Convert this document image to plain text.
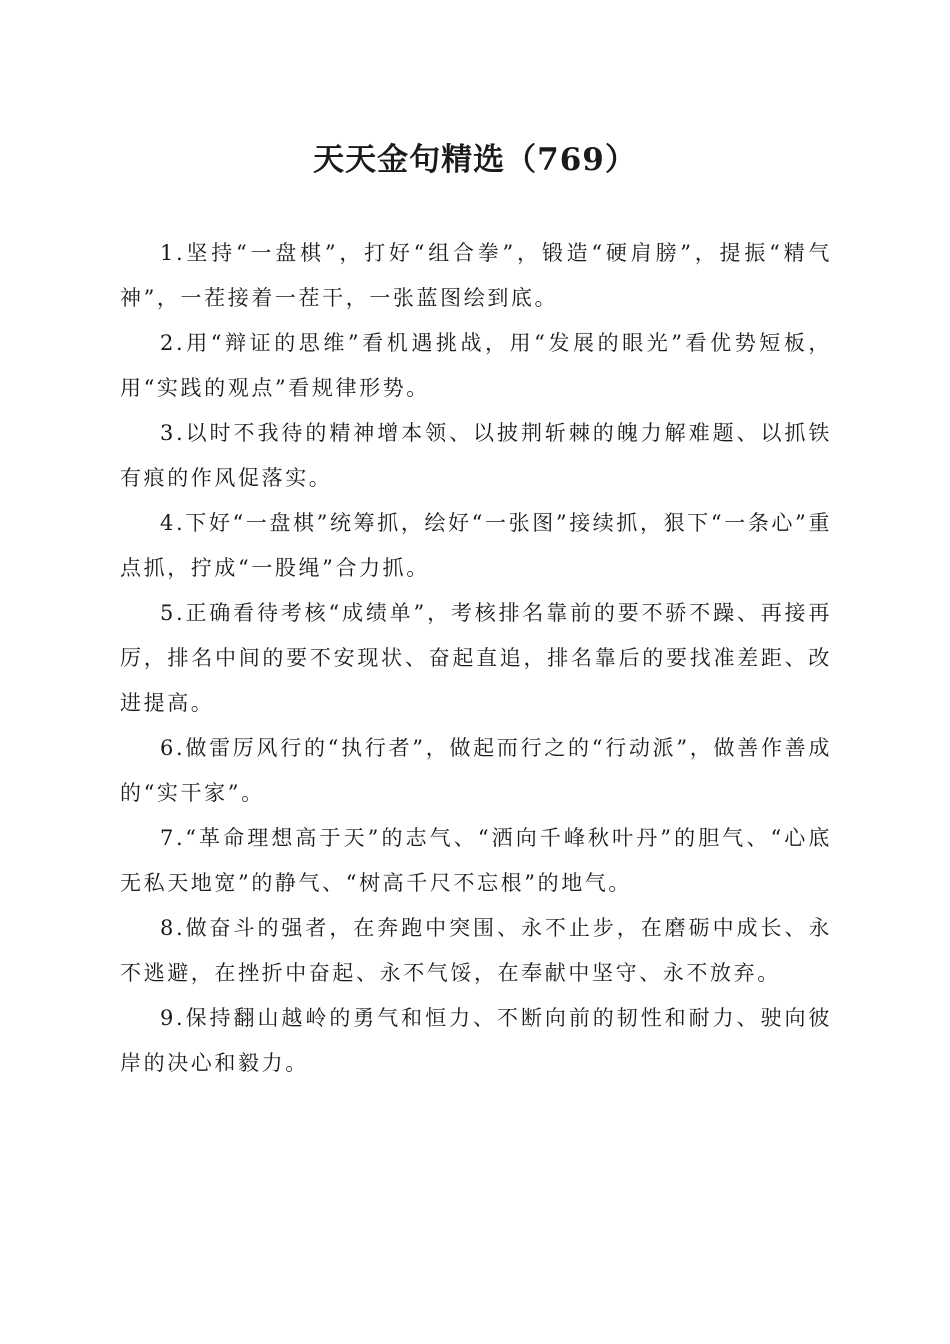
天天金句精选（769）

1.坚持“一盘棋”，打好“组合拳”，锻造“硬肩膀”，提振“精气神”，一茬接着一茬干，一张蓝图绘到底。

2.用“辩证的思维”看机遇挑战，用“发展的眼光”看优势短板，用“实践的观点”看规律形势。

3.以时不我待的精神增本领、以披荆斩棘的魄力解难题、以抓铁有痕的作风促落实。

4.下好“一盘棋”统筹抓，绘好“一张图”接续抓，狠下“一条心”重点抓，拧成“一股绳”合力抓。

5.正确看待考核“成绩单”，考核排名靠前的要不骄不躁、再接再厉，排名中间的要不安现状、奋起直追，排名靠后的要找准差距、改进提高。

6.做雷厉风行的“执行者”，做起而行之的“行动派”，做善作善成的“实干家”。

7.“革命理想高于天”的志气、“洒向千峰秋叶丹”的胆气、“心底无私天地宽”的静气、“树高千尺不忘根”的地气。

8.做奋斗的强者，在奔跑中突围、永不止步，在磨砺中成长、永不逃避，在挫折中奋起、永不气馁，在奉献中坚守、永不放弃。

9.保持翻山越岭的勇气和恒力、不断向前的韧性和耐力、驶向彼岸的决心和毅力。
